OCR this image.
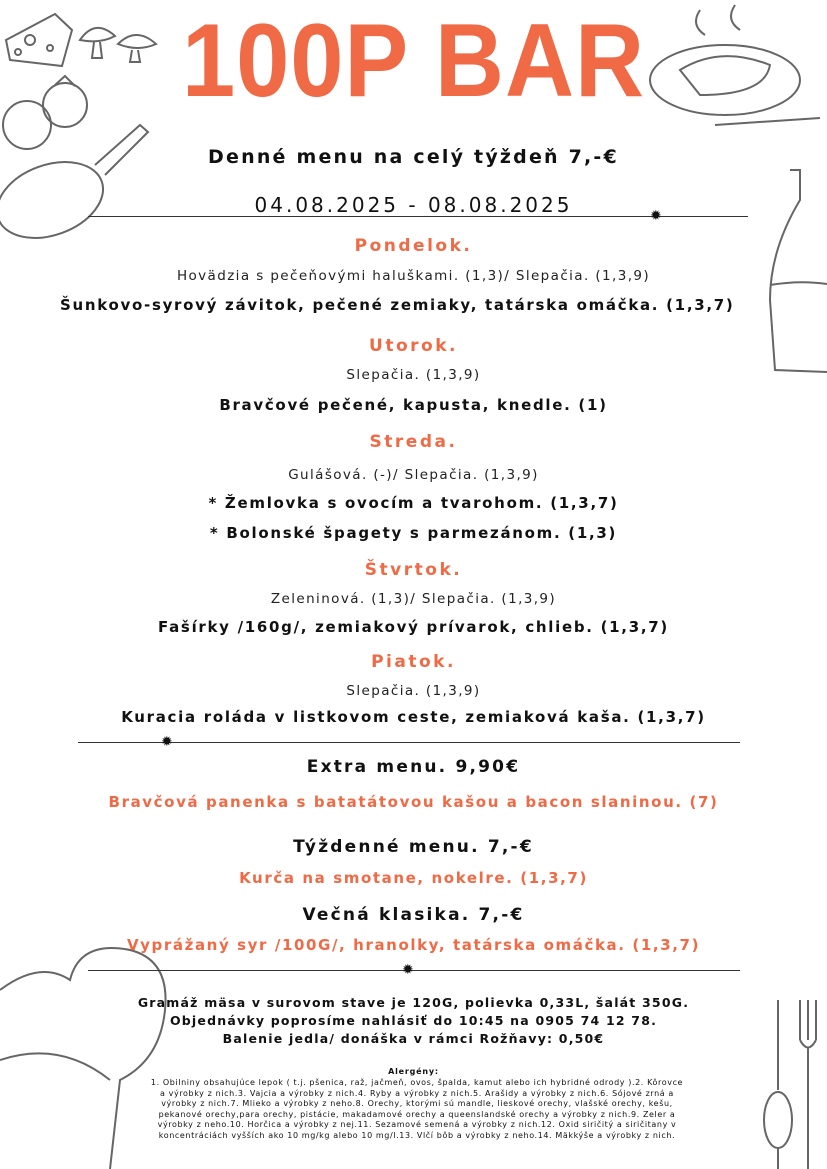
100P BAR
Denné menu na celý týždeň 7,-€
04.08.2025 - 08.08.2025	✹
Pondelok.
Hovädzia s pečeňovými haluškami. (1,3)/ Slepačia. (1,3,9)
Šunkovo-syrový závitok, pečené zemiaky, tatárska omáčka. (1,3,7)
Utorok.
Slepačia. (1,3,9)
Bravčové pečené, kapusta, knedle. (1)
Streda.
Gulášová. (-)/ Slepačia. (1,3,9)
* Žemlovka s ovocím a tvarohom. (1,3,7)
* Bolonské špagety s parmezánom. (1,3)
Štvrtok.
Zeleninová. (1,3)/ Slepačia. (1,3,9)
Fašírky /160g/, zemiakový prívarok, chlieb. (1,3,7)
Piatok.
Slepačia. (1,3,9)
Kuracia roláda v listkovom ceste, zemiaková kaša. (1,3,7)
✹
Extra menu. 9,90€
Bravčová panenka s batatátovou kašou a bacon slaninou. (7)
Týždenné menu. 7,-€
Kurča na smotane, nokelre. (1,3,7)
Večná klasika. 7,-€
Vyprážaný syr /100G/, hranolky, tatárska omáčka. (1,3,7)
✹
Gramáž mäsa v surovom stave je 120G, polievka 0,33L, šalát 350G.
Objednávky poprosíme nahlásiť do 10:45 na 0905 74 12 78.
Balenie jedla/ donáška v rámci Rožňavy: 0,50€
Alergény:
1. Obilniny obsahujúce lepok ( t.j. pšenica, raž, jačmeň, ovos, špalda, kamut alebo ich hybridné odrody ).2. Kôrovce
a výrobky z nich.3. Vajcia a výrobky z nich.4. Ryby a výrobky z nich.5. Arašidy a výrobky z nich.6. Sójové zrná a
výrobky z nich.7. Mlieko a výrobky z neho.8. Orechy, ktorými sú mandle, lieskové orechy, vlašské orechy, kešu,
pekanové orechy,para orechy, pistácie, makadamové orechy a queenslandské orechy a výrobky z nich.9. Zeler a
výrobky z neho.10. Horčica a výrobky z nej.11. Sezamové semená a výrobky z nich.12. Oxid siričitý a siričitany v
koncentráciách vyšších ako 10 mg/kg alebo 10 mg/l.13. Vlčí bôb a výrobky z neho.14. Mäkkýše a výrobky z nich.
